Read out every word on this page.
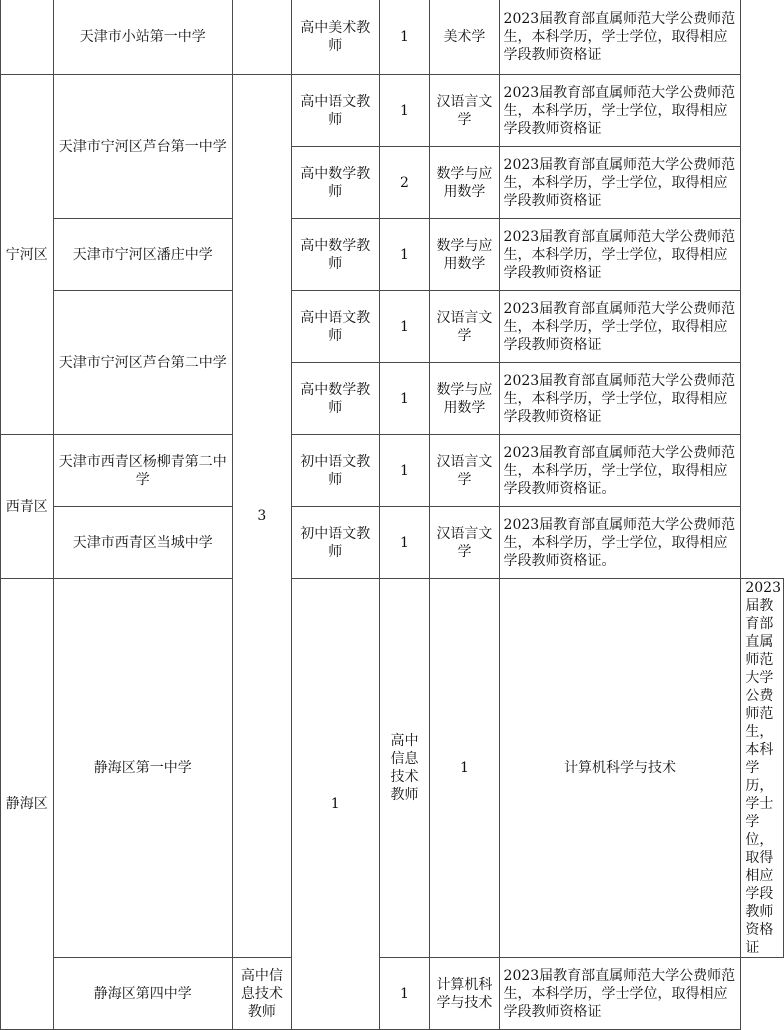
	天津市小站第一中学		高中美术教师	1	美术学	2023届教育部直属师范大学公费师范生，本科学历，学士学位，取得相应学段教师资格证	
宁河区	天津市宁河区芦台第一中学	3	高中语文教师	1	汉语言文学	2023届教育部直属师范大学公费师范生，本科学历，学士学位，取得相应学段教师资格证	
			高中数学教师	2	数学与应用数学	2023届教育部直属师范大学公费师范生，本科学历，学士学位，取得相应学段教师资格证	
	天津市宁河区潘庄中学		高中数学教师	1	数学与应用数学	2023届教育部直属师范大学公费师范生，本科学历，学士学位，取得相应学段教师资格证	
	天津市宁河区芦台第二中学		高中语文教师	1	汉语言文学	2023届教育部直属师范大学公费师范生，本科学历，学士学位，取得相应学段教师资格证	
			高中数学教师	1	数学与应用数学	2023届教育部直属师范大学公费师范生，本科学历，学士学位，取得相应学段教师资格证	
西青区	天津市西青区杨柳青第二中学		初中语文教师	1	汉语言文学	2023届教育部直属师范大学公费师范生，本科学历，学士学位，取得相应学段教师资格证。	
	天津市西青区当城中学		初中语文教师	1	汉语言文学	2023届教育部直属师范大学公费师范生，本科学历，学士学位，取得相应学段教师资格证。	
静海区	静海区第一中学		1	高中信息技术教师	1	计算机科学与技术	2023届教育部直属师范大学公费师范生，本科学历，学士学位，取得相应学段教师资格证
	静海区第四中学	高中信息技术教师		1	计算机科学与技术	2023届教育部直属师范大学公费师范生，本科学历，学士学位，取得相应学段教师资格证	
